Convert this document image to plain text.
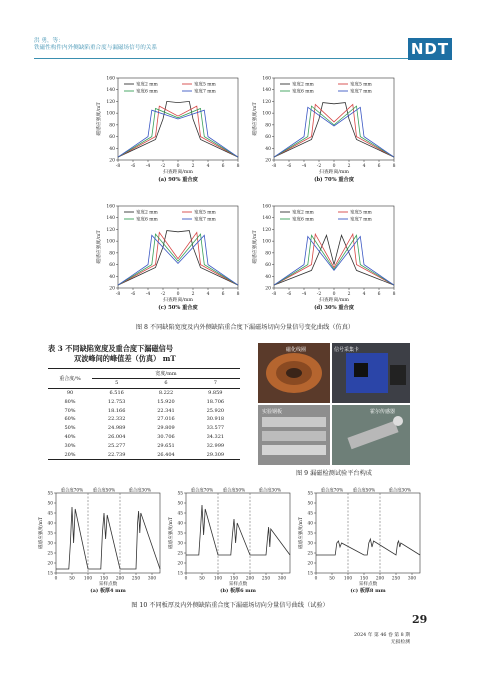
洪 勇，等：
铁磁性构件内外侧缺陷重合度与漏磁场信号的关系	NDT
20
40
60
80
100
120
140
160
-8 -6 -4 -2	0	2	4	6	8
扫查距离/mm
磁感应强度/mT
宽度2 mm	宽度5 mm
宽度6 mm	宽度7 mm
(a) 90% 重合度
20
40
60
80
100
120
140
160
-8 -6 -4 -2	0	2	4	6	8
扫查距离/mm
磁感应强度/mT
宽度2 mm	宽度5 mm
宽度6 mm	宽度7 mm
(b) 70% 重合度
20
40
60
80
100
120
140
160
-8 -6 -4 -2	0	2	4	6	8
扫查距离/mm
磁感应强度/mT
宽度2 mm	宽度5 mm
宽度6 mm	宽度7 mm
(c) 50% 重合度
20
40
60
80
100
120
140
160
-8 -6 -4 -2	0	2	4	6	8
扫查距离/mm
磁感应强度/mT
宽度2 mm	宽度5 mm
宽度6 mm	宽度7 mm
(d) 30% 重合度
图 8 不同缺陷宽度及内外侧缺陷重合度下漏磁场切向分量信号变化曲线（仿真）
表 3 不同缺陷宽度及重合度下漏磁信号
双波峰间的峰值差（仿真） mT
重合度/%	宽度/mm		
	5	6	7
90	6.516	8.222	9.859
80%	12.753	15.920	18.706
70%	18.166	22.341	25.920
60%	22.332	27.016	30.918
50%	24.989	29.809	33.577
40%	26.004	30.706	34.321
30%	25.277	29.651	32.999
20%	22.739	26.404	29.309
磁化线圈	信号采集卡
实验钢板	霍尔传感器
图 9 漏磁检测试验平台构成
重合度70% 重合度50%	重合度30%
15
20
25
30
35
40
45
50
55
0	50 100 150 200 250 300
采样点数
磁感应强度/mT
(a) 板厚4 mm
重合度70% 重合度50%	重合度30%
15
20
25
30
35
40
45
50
55
0	50 100 150 200 250 300
采样点数
磁感应强度/mT
(b) 板厚6 mm
重合度70% 重合度50%	重合度30%
15
20
25
30
35
40
45
50
55
0	50 100 150 200 250 300
采样点数
磁感应强度/mT
(c) 板厚8 mm
图 10 不同板厚及内外侧缺陷重合度下漏磁场切向分量信号曲线（试验）
29
2024 年 第 46 卷 第 8 期
无损检测
